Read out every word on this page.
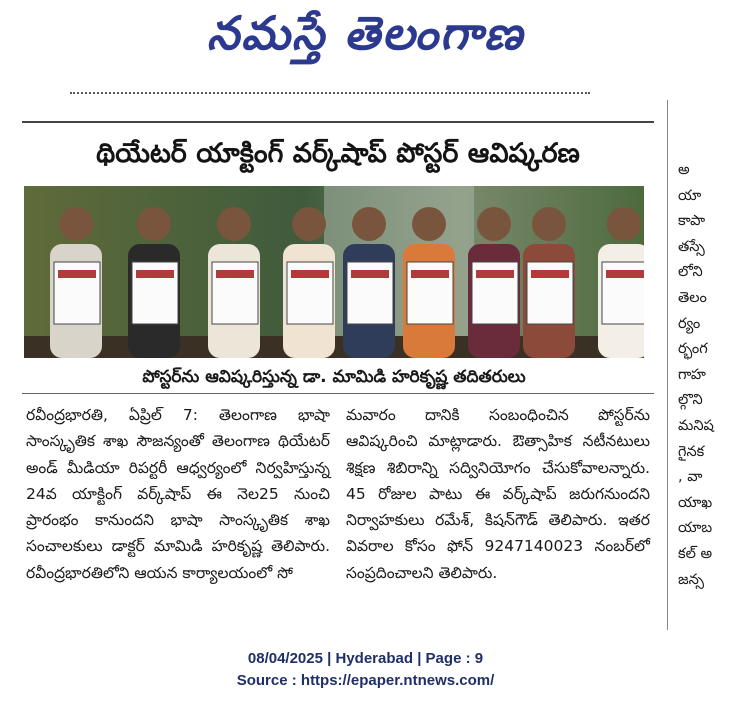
నమస్తే తెలంగాణ
థియేటర్ యాక్టింగ్ వర్క్‌షాప్ పోస్టర్ ఆవిష్కరణ
పోస్టర్‌ను ఆవిష్కరిస్తున్న డా. మామిడి హరికృష్ణ తదితరులు

రవీంద్రభారతి, ఏప్రిల్ 7: తెలంగాణ భాషా సాంస్కృతిక శాఖ సౌజన్యంతో తెలంగాణ థియేటర్ అండ్ మీడియా రిపర్టరీ ఆధ్వర్యంలో నిర్వహిస్తున్న 24వ యాక్టింగ్ వర్క్‌షాప్ ఈ నెల25 నుంచి ప్రారంభం కానుందని భాషా సాంస్కృతిక శాఖ సంచాలకులు డాక్టర్ మామిడి హరికృష్ణ తెలిపారు. రవీంద్రభారతిలోని ఆయన కార్యాలయంలో సో

మవారం దానికి సంబంధించిన పోస్టర్‌ను ఆవిష్కరించి మాట్లాడారు. ఔత్సాహిక నటీనటులు శిక్షణ శిబిరాన్ని సద్వినియోగం చేసుకోవాలన్నారు. 45 రోజుల పాటు ఈ వర్క్‌షాప్ జరుగనుందని నిర్వాహకులు రమేశ్, కిషన్‌గౌడ్ తెలిపారు. ఇతర వివరాల కోసం ఫోన్ 9247140023 నంబర్‌లో సంప్రదించాలని తెలిపారు.

అ
యా
కాపా
తస్సే
లోని
తెలం
ర్యం
ర్భంగ
గాహ
ల్గొని
మనిష
గైనక
, వా
యాఖ
యాబ
కల్ అ
జన్స
08/04/2025 | Hyderabad | Page : 9
Source : https://epaper.ntnews.com/
